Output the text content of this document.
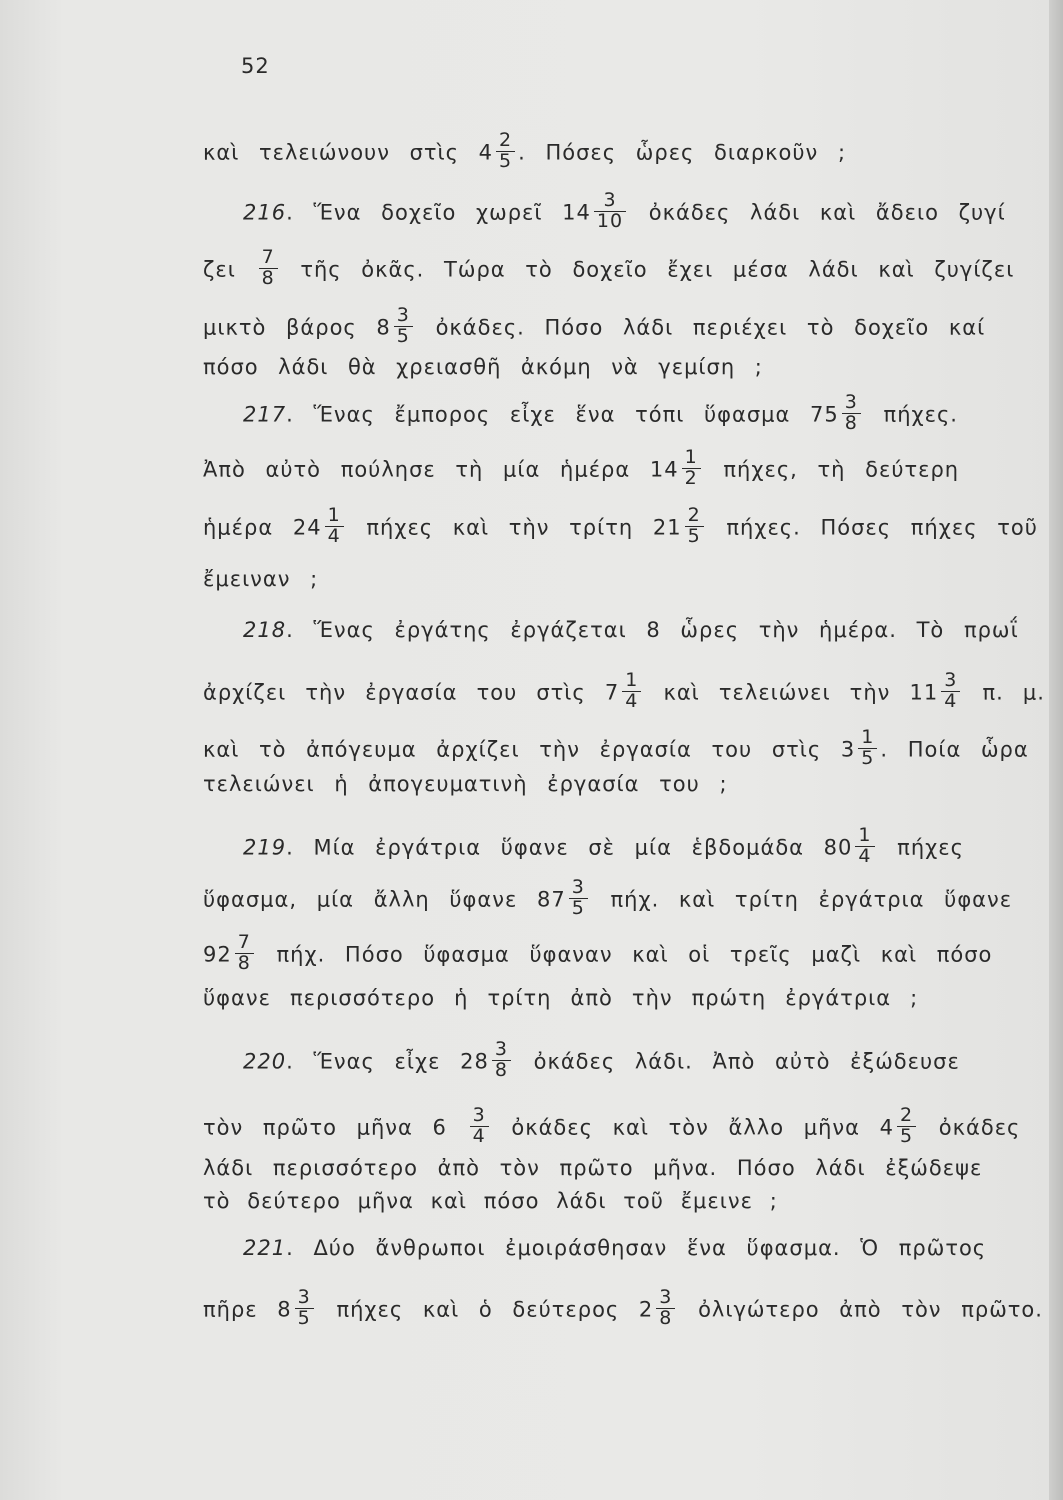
52
καὶ τελειώνουν στὶς $4 \frac{2}{5}$ . Πόσες ὧρες διαρκοῦν ;
216. Ἕνα δοχεῖο χωρεῖ $14 \frac{3}{10}$ ὀκάδες λάδι καὶ ἄδειο ζυγί
ζει $\frac{7}{8}$ τῆς ὀκᾶς. Τώρα τὸ δοχεῖο ἔχει μέσα λάδι καὶ ζυγίζει
μικτὸ βάρος $8 \frac{3}{5}$ ὀκάδες. Πόσο λάδι περιέχει τὸ δοχεῖο καί
πόσο λάδι θὰ χρειασθῆ ἀκόμη νὰ γεμίση ;
217. Ἕνας ἔμπορος εἶχε ἕνα τόπι ὕφασμα $75 \frac{3}{8} \pi ή\chi\varepsilon\varsigma$.
Ἀπὸ αὐτὸ πούλησε τὴ μία ἡμέρα $14 \frac{1}{2} \pi ή\chi\varepsilon\varsigma$, τὴ δεύτερη
ἡμέρα $24 \frac{1}{4}$ πήχες καὶ τὴν τρίτη $21 \frac{2}{5} \pi ή\chi\varepsilon\varsigma$. Πόσες πήχες τοῦ
ἔμειναν ;
218. Ἕνας ἐργάτης ἐργάζεται 8 ὧρες τὴν ἡμέρα. Τὸ πρωΐ
ἀρχίζει τὴν ἐργασία του στὶς $7 \frac{1}{4}$ καὶ τελειώνει τὴν $11 \frac{3}{4} \pi$. μ.
καὶ τὸ ἀπόγευμα ἀρχίζει τὴν ἐργασία του στὶς $3 \frac{1}{5}$ . Ποία ὧρα
τελειώνει ἡ ἀπογευματινὴ ἐργασία του ;
219. Μία ἐργάτρια ὕφανε σὲ μία ἑβδομάδα $80 \frac{1}{4}$ πήχες
ὕφασμα, μία ἄλλη ὕφανε $87 \frac{3}{5} \pi ή\chi$. καὶ τρίτη ἐργάτρια ὕφανε
$92 \frac{7}{8} \pi ή\chi$. Πόσο ὕφασμα ὕφαναν καὶ οἱ τρεῖς μαζὶ καὶ πόσο
ὕφανε περισσότερο ἡ τρίτη ἀπὸ τὴν πρώτη ἐργάτρια ;
220. Ἕνας εἶχε $28 \frac{3}{8}$ ὀκάδες λάδι. Ἀπὸ αὐτὸ ἐξώδευσε
τὸν πρῶτο μῆνα $6 \frac{3}{4}$ ὀκάδες καὶ τὸν ἄλλο μῆνα $4 \frac{2}{5}$ ὀκάδες
λάδι περισσότερο ἀπὸ τὸν πρῶτο μῆνα. Πόσο λάδι ἐξώδεψε
τὸ δεύτερο μῆνα καὶ πόσο λάδι τοῦ ἔμεινε ;
221. Δύο ἄνθρωποι ἐμοιράσθησαν ἕνα ὕφασμα. Ὁ πρῶτος
πῆρε $8 \frac{3}{5}$ πήχες καὶ ὁ δεύτερος $2 \frac{3}{8}$ ὀλιγώτερο ἀπὸ τὸν πρῶτο.
